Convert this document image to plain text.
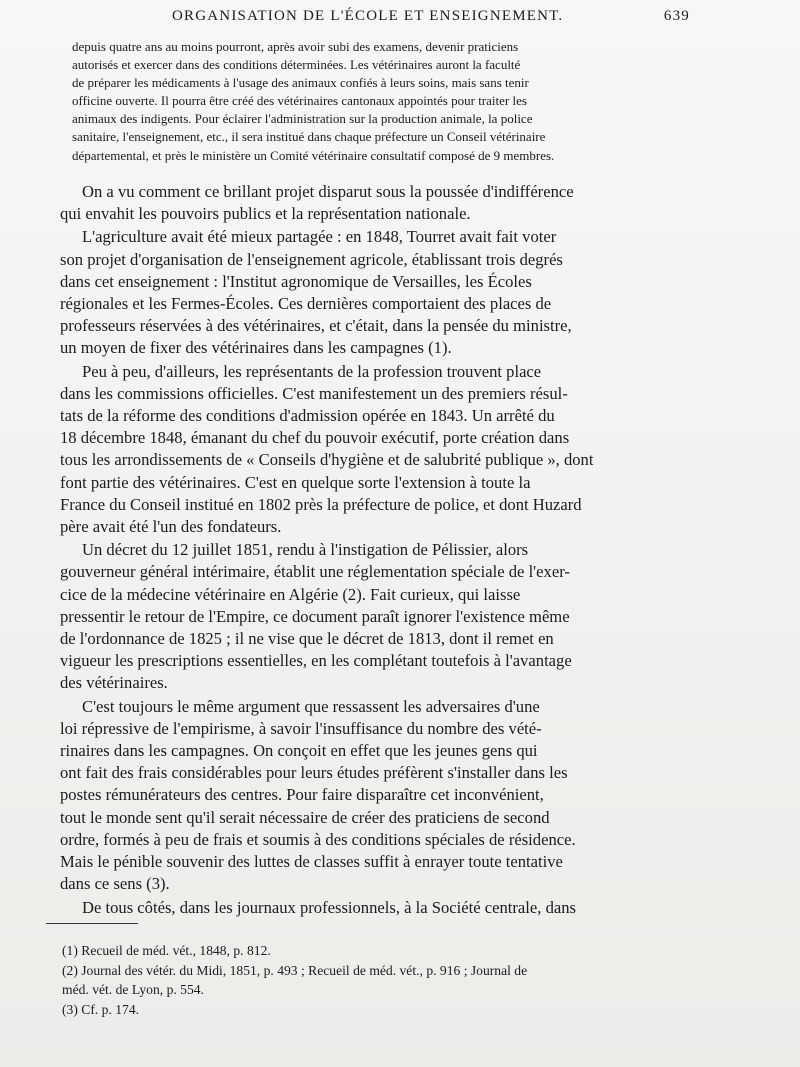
ORGANISATION DE L'ÉCOLE ET ENSEIGNEMENT.	639
depuis quatre ans au moins pourront, après avoir subi des examens, devenir praticiens
autorisés et exercer dans des conditions déterminées. Les vétérinaires auront la faculté
de préparer les médicaments à l'usage des animaux confiés à leurs soins, mais sans tenir
officine ouverte. Il pourra être créé des vétérinaires cantonaux appointés pour traiter les
animaux des indigents. Pour éclairer l'administration sur la production animale, la police
sanitaire, l'enseignement, etc., il sera institué dans chaque préfecture un Conseil vétérinaire
départemental, et près le ministère un Comité vétérinaire consultatif composé de 9 membres.

On a vu comment ce brillant projet disparut sous la poussée d'indifférence
qui envahit les pouvoirs publics et la représentation nationale.

L'agriculture avait été mieux partagée : en 1848, Tourret avait fait voter
son projet d'organisation de l'enseignement agricole, établissant trois degrés
dans cet enseignement : l'Institut agronomique de Versailles, les Écoles
régionales et les Fermes-Écoles. Ces dernières comportaient des places de
professeurs réservées à des vétérinaires, et c'était, dans la pensée du ministre,
un moyen de fixer des vétérinaires dans les campagnes (1).

Peu à peu, d'ailleurs, les représentants de la profession trouvent place
dans les commissions officielles. C'est manifestement un des premiers résul-
tats de la réforme des conditions d'admission opérée en 1843. Un arrêté du
18 décembre 1848, émanant du chef du pouvoir exécutif, porte création dans
tous les arrondissements de « Conseils d'hygiène et de salubrité publique », dont
font partie des vétérinaires. C'est en quelque sorte l'extension à toute la
France du Conseil institué en 1802 près la préfecture de police, et dont Huzard
père avait été l'un des fondateurs.

Un décret du 12 juillet 1851, rendu à l'instigation de Pélissier, alors
gouverneur général intérimaire, établit une réglementation spéciale de l'exer-
cice de la médecine vétérinaire en Algérie (2). Fait curieux, qui laisse
pressentir le retour de l'Empire, ce document paraît ignorer l'existence même
de l'ordonnance de 1825 ; il ne vise que le décret de 1813, dont il remet en
vigueur les prescriptions essentielles, en les complétant toutefois à l'avantage
des vétérinaires.

C'est toujours le même argument que ressassent les adversaires d'une
loi répressive de l'empirisme, à savoir l'insuffisance du nombre des vété-
rinaires dans les campagnes. On conçoit en effet que les jeunes gens qui
ont fait des frais considérables pour leurs études préfèrent s'installer dans les
postes rémunérateurs des centres. Pour faire disparaître cet inconvénient,
tout le monde sent qu'il serait nécessaire de créer des praticiens de second
ordre, formés à peu de frais et soumis à des conditions spéciales de résidence.
Mais le pénible souvenir des luttes de classes suffit à enrayer toute tentative
dans ce sens (3).

De tous côtés, dans les journaux professionnels, à la Société centrale, dans

(1) Recueil de méd. vét., 1848, p. 812.

(2) Journal des vétér. du Midi, 1851, p. 493 ; Recueil de méd. vét., p. 916 ; Journal de
méd. vét. de Lyon, p. 554.

(3) Cf. p. 174.
